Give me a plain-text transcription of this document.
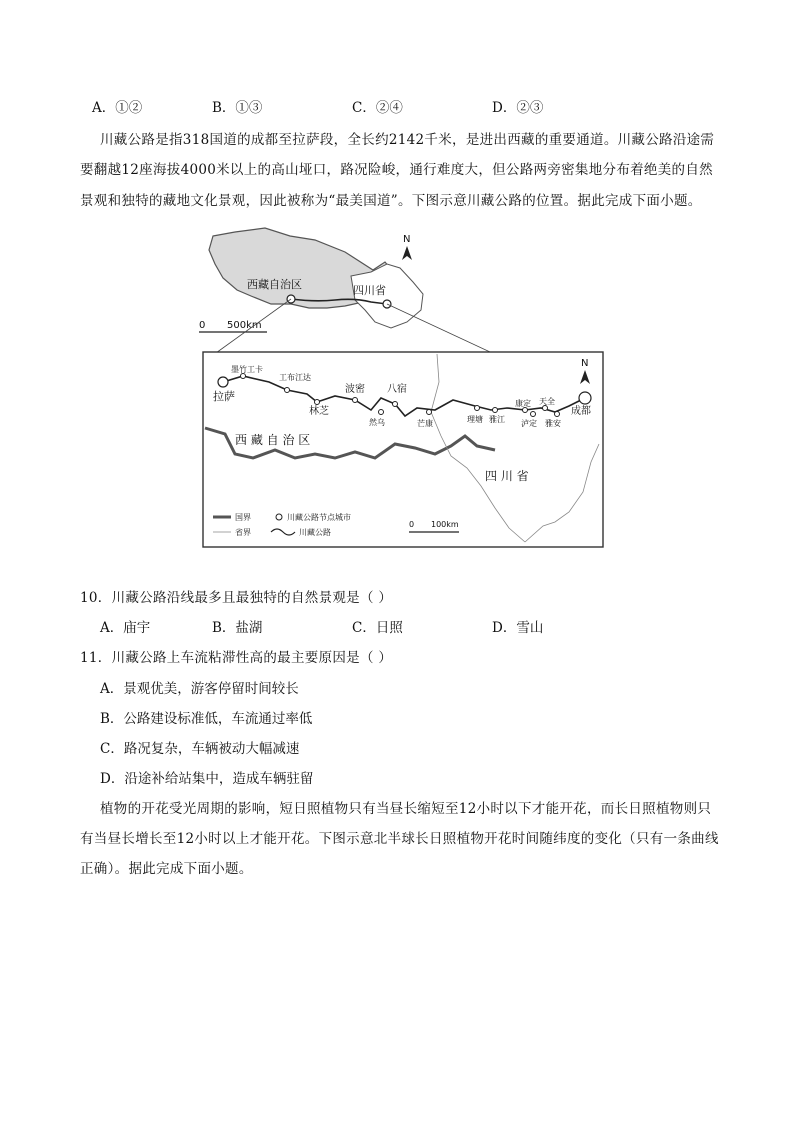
A．①②	B．①③	C．②④	D．②③
川藏公路是指318国道的成都至拉萨段，全长约2142千米，是进出西藏的重要通道。川藏公路沿途需
要翻越12座海拔4000米以上的高山垭口，路况险峻，通行难度大，但公路两旁密集地分布着绝美的自然
景观和独特的藏地文化景观，因此被称为“最美国道”。下图示意川藏公路的位置。据此完成下面小题。
西藏自治区	四川省
N
0 500km
拉萨
墨竹工卡
工布江达
林芝
波密 八宿
然乌	芒康	理塘 雅江
康定
泸定
天全
雅安
成都
西 藏 自 治 区
四 川 省
N
国界
省界
川藏公路节点城市
川藏公路
0 100km
10．川藏公路沿线最多且最独特的自然景观是（ ）
A．庙宇	B．盐湖	C．日照	D．雪山
11．川藏公路上车流粘滞性高的最主要原因是（ ）
A．景观优美，游客停留时间较长
B．公路建设标准低，车流通过率低
C．路况复杂，车辆被动大幅减速
D．沿途补给站集中，造成车辆驻留
植物的开花受光周期的影响，短日照植物只有当昼长缩短至12小时以下才能开花，而长日照植物则只
有当昼长增长至12小时以上才能开花。下图示意北半球长日照植物开花时间随纬度的变化（只有一条曲线
正确）。据此完成下面小题。
